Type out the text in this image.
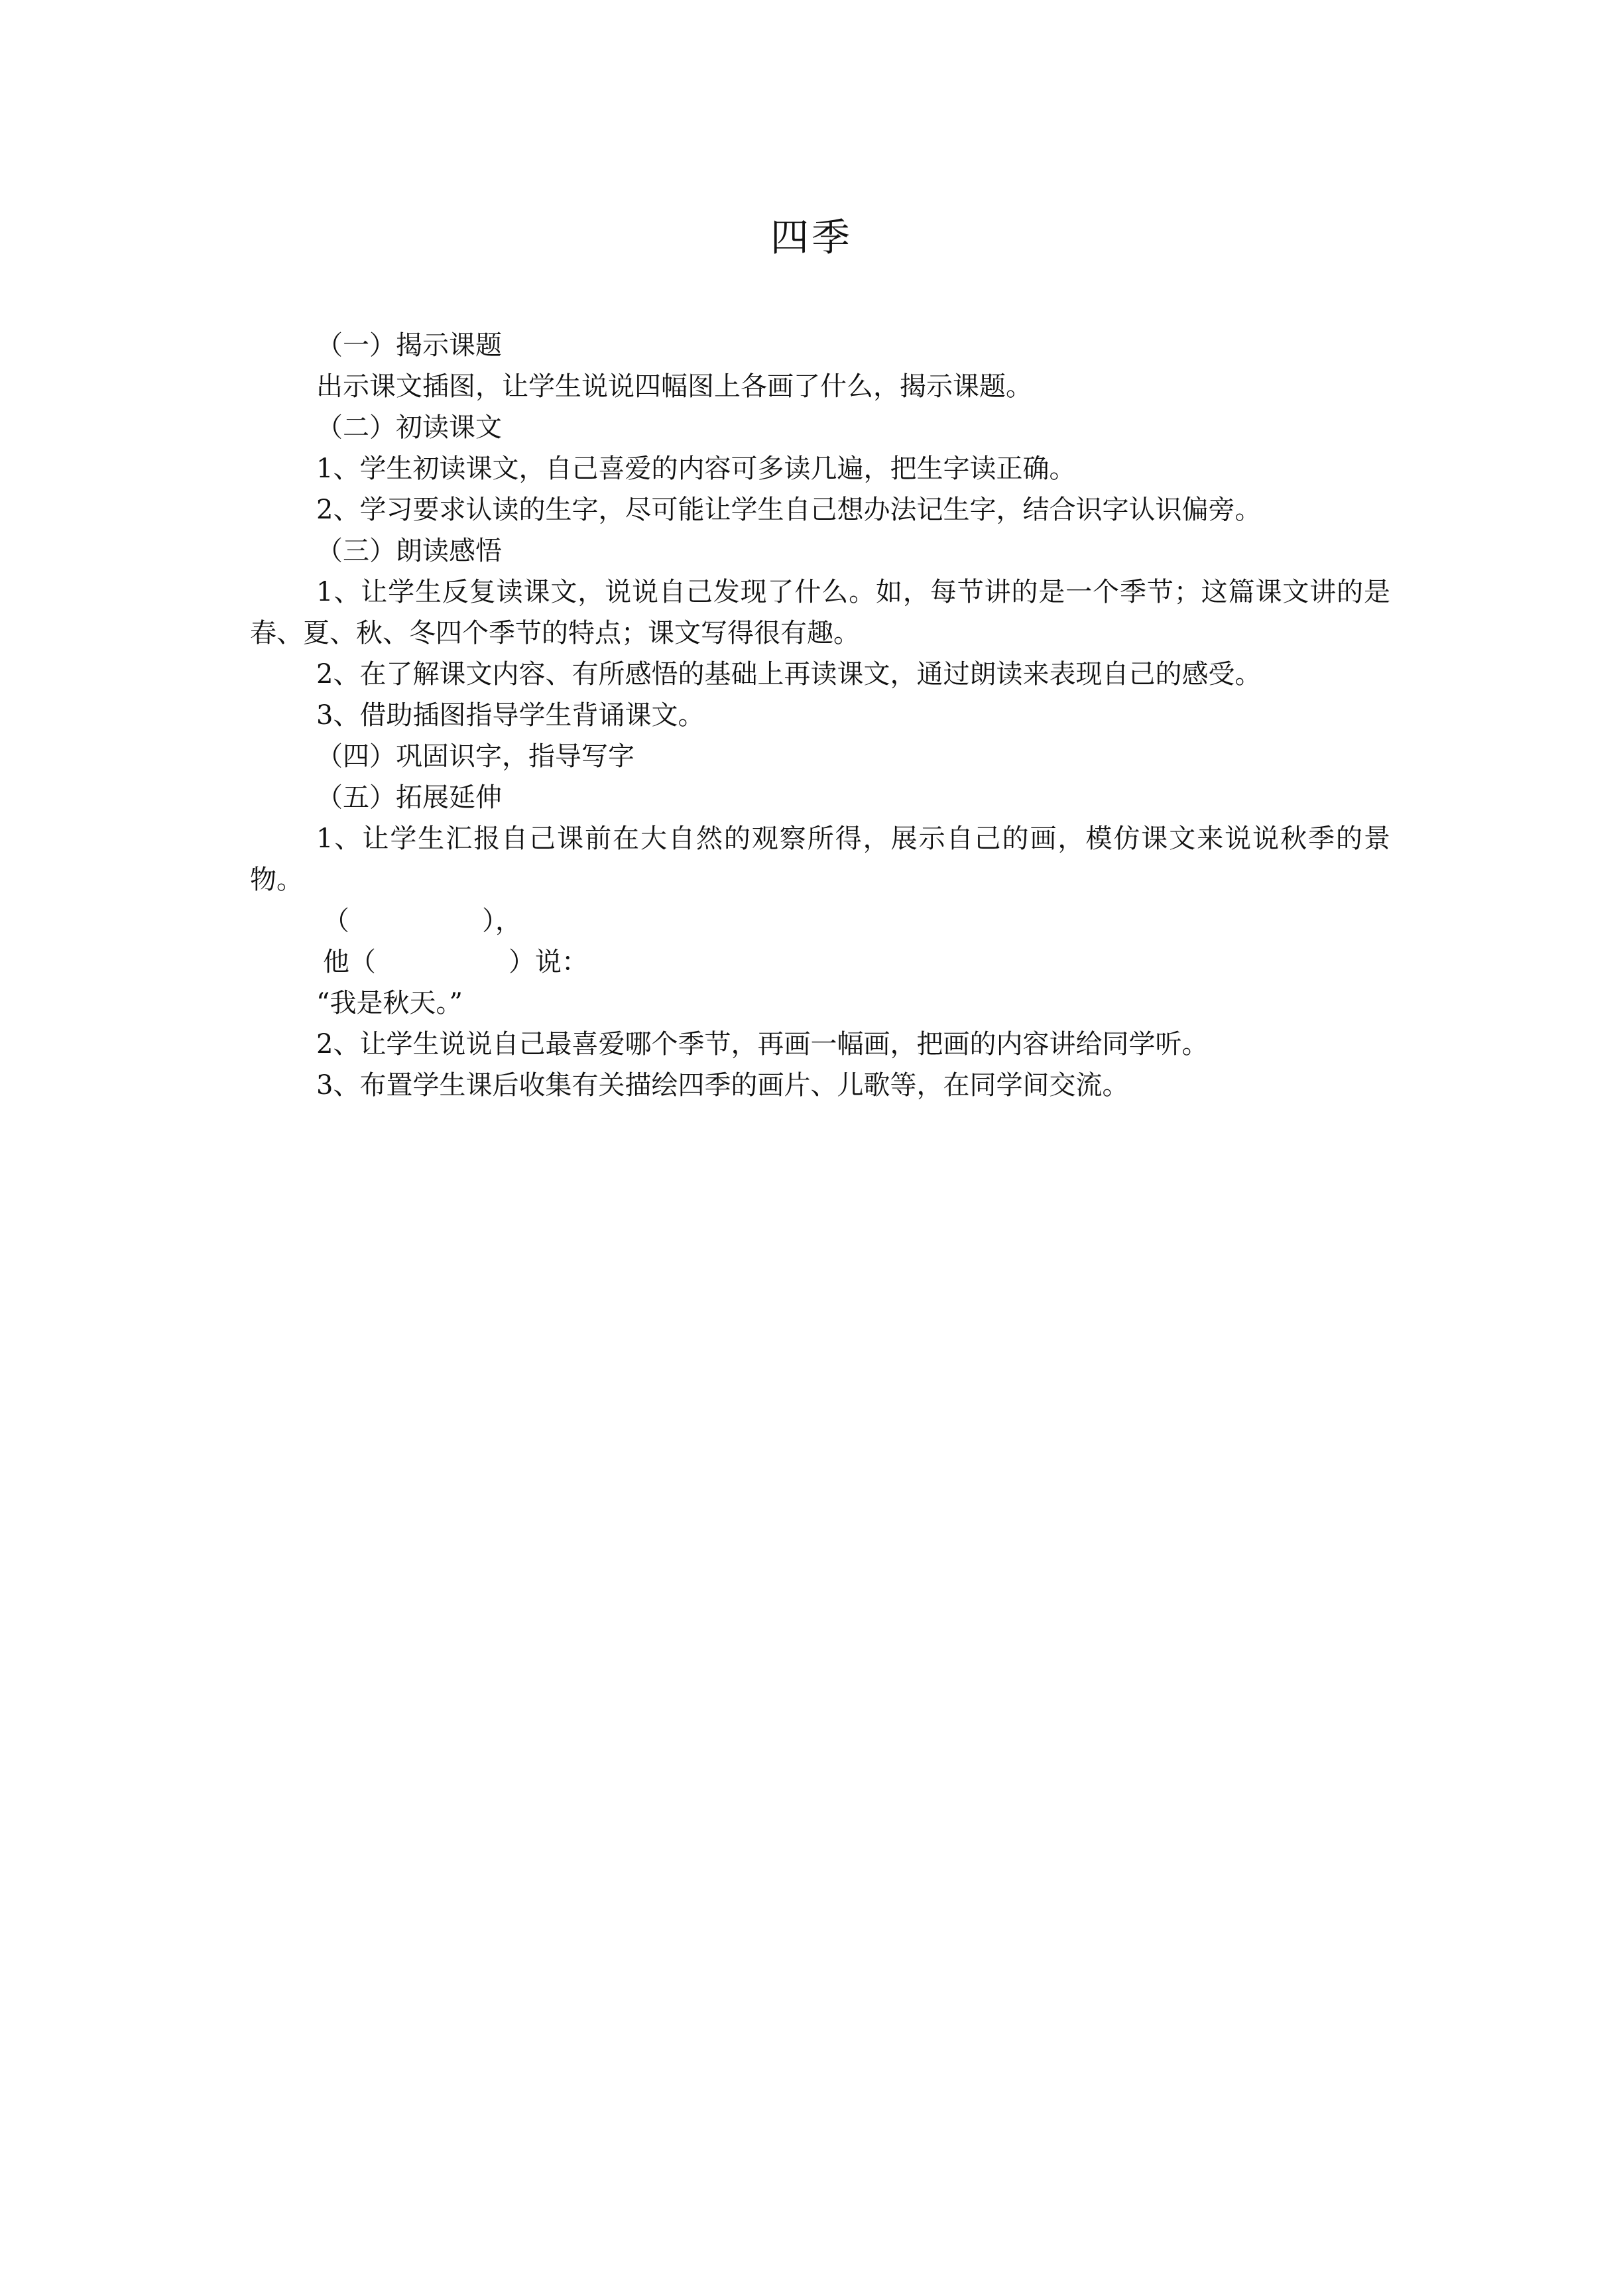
四季

（一）揭示课题

出示课文插图，让学生说说四幅图上各画了什么，揭示课题。

（二）初读课文

1、学生初读课文，自己喜爱的内容可多读几遍，把生字读正确。

2、学习要求认读的生字，尽可能让学生自己想办法记生字，结合识字认识偏旁。

（三）朗读感悟

1、让学生反复读课文，说说自己发现了什么。如，每节讲的是一个季节；这篇课文讲的是春、夏、秋、冬四个季节的特点；课文写得很有趣。

2、在了解课文内容、有所感悟的基础上再读课文，通过朗读来表现自己的感受。

3、借助插图指导学生背诵课文。

（四）巩固识字，指导写字

（五）拓展延伸

1、让学生汇报自己课前在大自然的观察所得，展示自己的画，模仿课文来说说秋季的景物。

（　　　　　），

他（　　　　　）说：

“我是秋天。”

2、让学生说说自己最喜爱哪个季节，再画一幅画，把画的内容讲给同学听。

3、布置学生课后收集有关描绘四季的画片、儿歌等，在同学间交流。
